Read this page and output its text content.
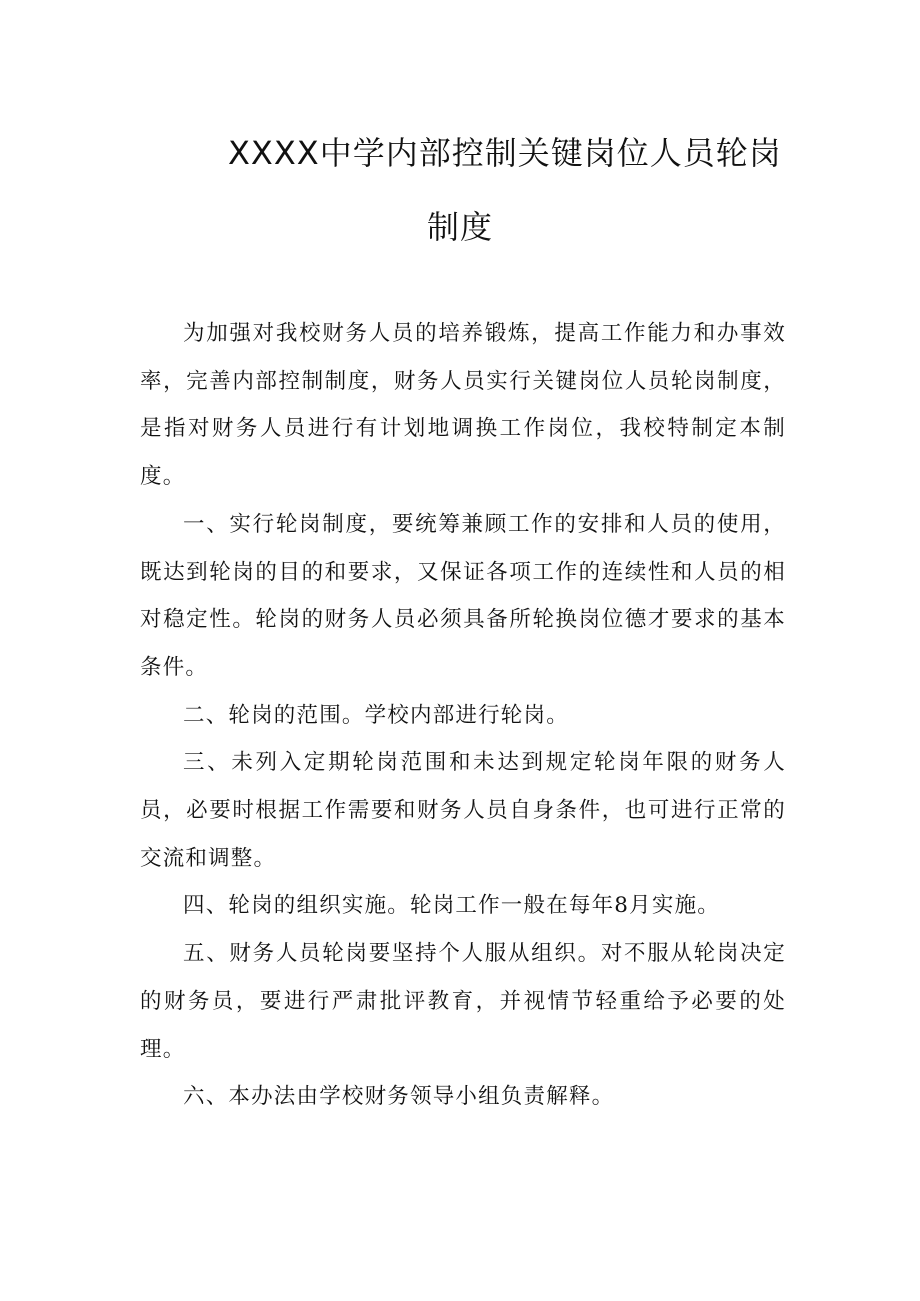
XXXX中学内部控制关键岗位人员轮岗
制度

为加强对我校财务人员的培养锻炼，提高工作能力和办事效率，完善内部控制制度，财务人员实行关键岗位人员轮岗制度，是指对财务人员进行有计划地调换工作岗位，我校特制定本制度。

一、实行轮岗制度，要统筹兼顾工作的安排和人员的使用，既达到轮岗的目的和要求，又保证各项工作的连续性和人员的相对稳定性。轮岗的财务人员必须具备所轮换岗位德才要求的基本条件。

二、轮岗的范围。学校内部进行轮岗。

三、未列入定期轮岗范围和未达到规定轮岗年限的财务人员，必要时根据工作需要和财务人员自身条件，也可进行正常的交流和调整。

四、轮岗的组织实施。轮岗工作一般在每年8月实施。

五、财务人员轮岗要坚持个人服从组织。对不服从轮岗决定的财务员，要进行严肃批评教育，并视情节轻重给予必要的处理。

六、本办法由学校财务领导小组负责解释。
